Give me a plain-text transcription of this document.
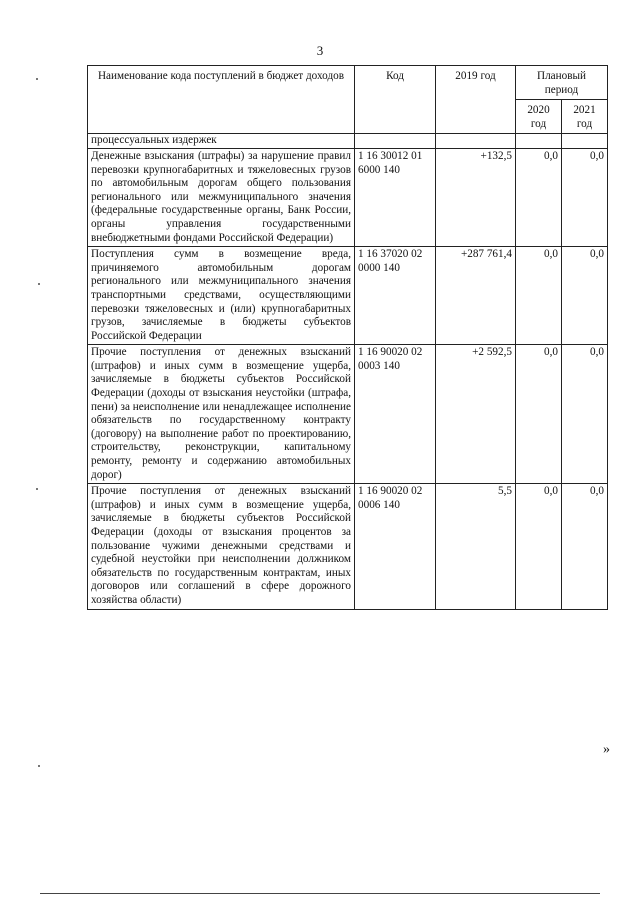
3
Наименование кода поступлений в бюджет доходов	Код	2019 год	Плановый период	
			2020 год	2021 год
процессуальных издержек				
Денежные взыскания (штрафы) за нарушение правил перевозки крупногабаритных и тяжеловесных грузов по автомобильным дорогам общего пользования регионального или межмуниципального значения (федеральные государственные органы, Банк России, органы управления государственными внебюджетными фондами Российской Федерации)	1 16 30012 01 6000 140	+132,5	0,0	0,0
Поступления сумм в возмещение вреда, причиняемого автомобильным дорогам регионального или межмуниципального значения транспортными средствами, осуществляющими перевозки тяжеловесных и (или) крупногабаритных грузов, зачисляемые в бюджеты субъектов Российской Федерации	1 16 37020 02 0000 140	+287 761,4	0,0	0,0
Прочие поступления от денежных взысканий (штрафов) и иных сумм в возмещение ущерба, зачисляемые в бюджеты субъектов Российской Федерации (доходы от взыскания неустойки (штрафа, пени) за неисполнение или ненадлежащее исполнение обязательств по государственному контракту (договору) на выполнение работ по проектированию, строительству, реконструкции, капитальному ремонту, ремонту и содержанию автомобильных дорог)	1 16 90020 02 0003 140	+2 592,5	0,0	0,0
Прочие поступления от денежных взысканий (штрафов) и иных сумм в возмещение ущерба, зачисляемые в бюджеты субъектов Российской Федерации (доходы от взыскания процентов за пользование чужими денежными средствами и судебной неустойки при неисполнении должником обязательств по государственным контрактам, иных договоров или соглашений в сфере дорожного хозяйства области)	1 16 90020 02 0006 140	5,5	0,0	0,0
»
